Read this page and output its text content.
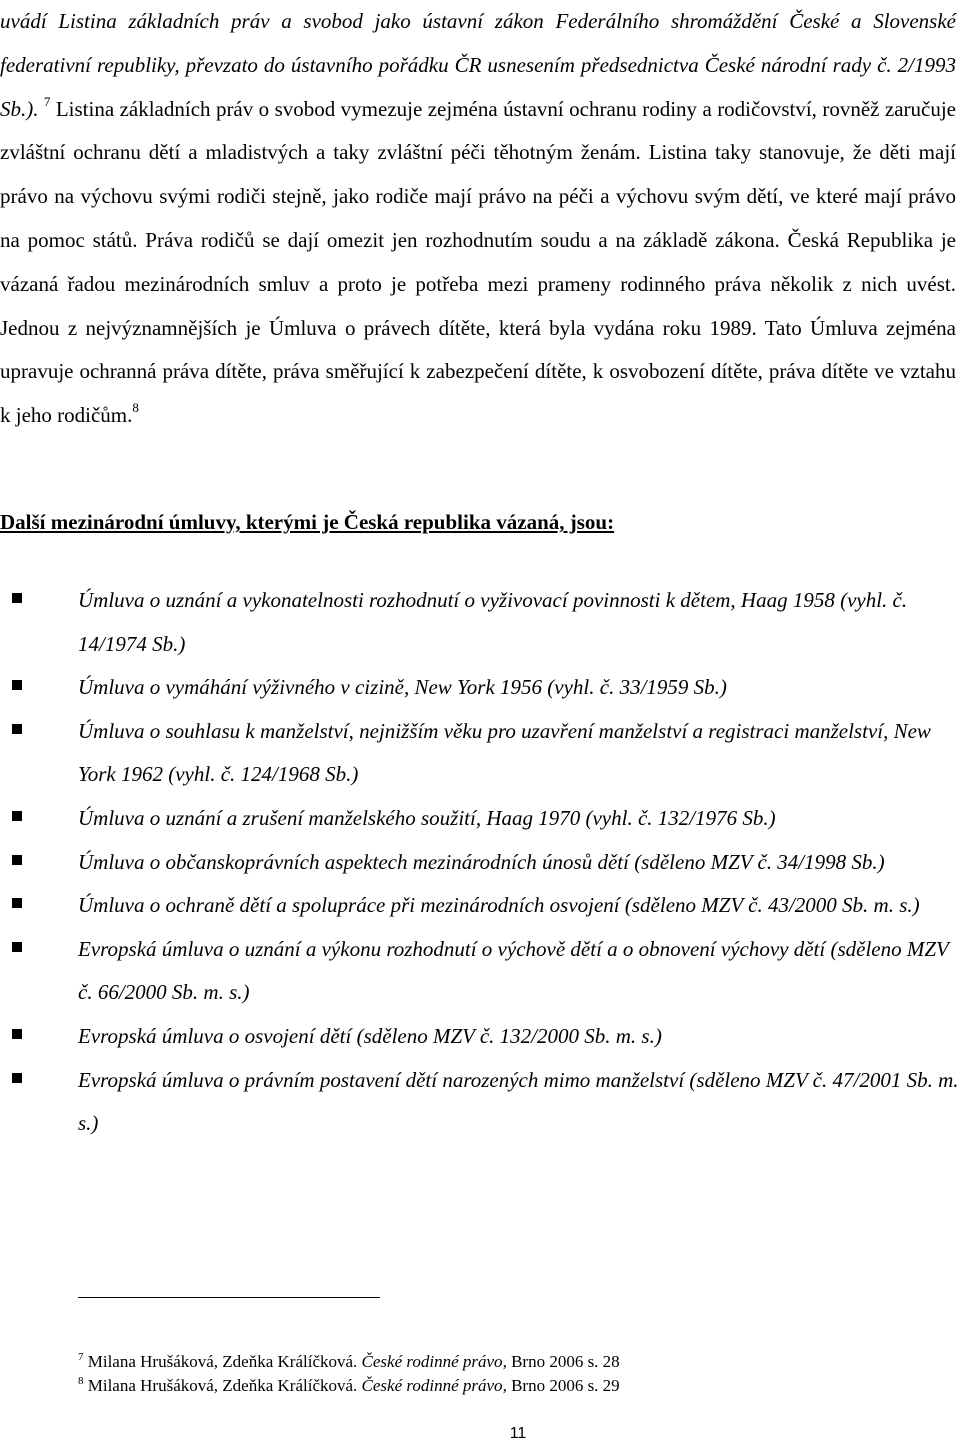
uvádí Listina základních práv a svobod jako ústavní zákon Federálního shromáždění České a Slovenské federativní republiky, převzato do ústavního pořádku ČR usnesením předsednictva České národní rady č. 2/1993 Sb.). $^7$ Listina základních práv o svobod vymezuje zejména ústavní ochranu rodiny a rodičovství, rovněž zaručuje zvláštní ochranu dětí a mladistvých a taky zvláštní péči těhotným ženám. Listina taky stanovuje, že děti mají právo na výchovu svými rodiči stejně, jako rodiče mají právo na péči a výchovu svým dětí, ve které mají právo na pomoc států. Práva rodičů se dají omezit jen rozhodnutím soudu a na základě zákona. Česká Republika je vázaná řadou mezinárodních smluv a proto je potřeba mezi prameny rodinného práva několik z nich uvést. Jednou z nejvýznamnějších je Úmluva o právech dítěte, která byla vydána roku 1989. Tato Úmluva zejména upravuje ochranná práva dítěte, práva směřující k zabezpečení dítěte, k osvobození dítěte, práva dítěte ve vztahu k jeho rodičům.$^8$
Další mezinárodní úmluvy, kterými je Česká republika vázaná, jsou:
Úmluva o uznání a vykonatelnosti rozhodnutí o vyživovací povinnosti k dětem, Haag 1958 (vyhl. č. 14/1974 Sb.)
Úmluva o vymáhání výživného v cizině, New York 1956 (vyhl. č. 33/1959 Sb.)
Úmluva o souhlasu k manželství, nejnižším věku pro uzavření manželství a registraci manželství, New York 1962 (vyhl. č. 124/1968 Sb.)
Úmluva o uznání a zrušení manželského soužití, Haag 1970 (vyhl. č. 132/1976 Sb.)
Úmluva o občanskoprávních aspektech mezinárodních únosů dětí (sděleno MZV č. 34/1998 Sb.)
Úmluva o ochraně dětí a spolupráce při mezinárodních osvojení (sděleno MZV č. 43/2000 Sb. m. s.)
Evropská úmluva o uznání a výkonu rozhodnutí o výchově dětí a o obnovení výchovy dětí (sděleno MZV č. 66/2000 Sb. m. s.)
Evropská úmluva o osvojení dětí (sděleno MZV č. 132/2000 Sb. m. s.)
Evropská úmluva o právním postavení dětí narozených mimo manželství (sděleno MZV č. 47/2001 Sb. m. s.)
$^7$ Milana Hrušáková, Zdeňka Králíčková. České rodinné právo, Brno 2006 s. 28
$^8$ Milana Hrušáková, Zdeňka Králíčková. České rodinné právo, Brno 2006 s. 29
11
